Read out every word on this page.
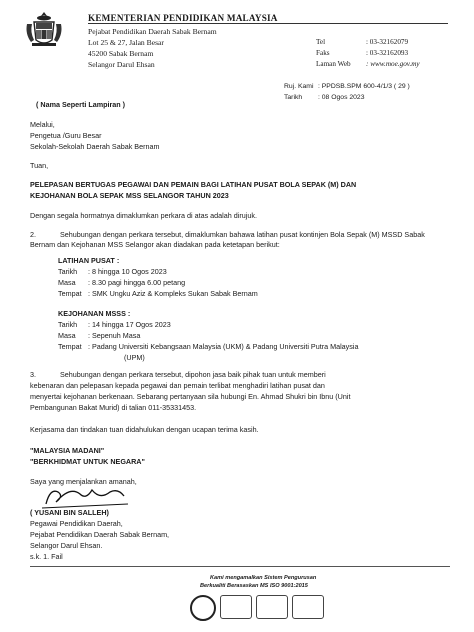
KEMENTERIAN PENDIDIKAN MALAYSIA
Pejabat Pendidikan Daerah Sabak Bernam
Lot 25 & 27, Jalan Besar
45200 Sabak Bernam
Selangor Darul Ehsan
Tel	: 03-32162079
Faks	: 03-32162093
Laman Web : www.moe.gov.my
Ruj. Kami : PPDSB.SPM 600-4/1/3 ( 29 )
Tarikh : 08 Ogos 2023
( Nama Seperti Lampiran )
Melalui,
Pengetua /Guru Besar
Sekolah-Sekolah Daerah Sabak Bernam
Tuan,
PELEPASAN BERTUGAS PEGAWAI DAN PEMAIN BAGI LATIHAN PUSAT BOLA SEPAK (M) DAN
KEJOHANAN BOLA SEPAK MSS SELANGOR TAHUN 2023
Dengan segala hormatnya dimaklumkan perkara di atas adalah dirujuk.
2.	Sehubungan dengan perkara tersebut, dimaklumkan bahawa latihan pusat kontinjen Bola Sepak (M) MSSD Sabak Bernam dan Kejohanan MSS Selangor akan diadakan pada ketetapan berikut:
LATIHAN PUSAT :
Tarikh : 8 hingga 10 Ogos 2023
Masa : 8.30 pagi hingga 6.00 petang
Tempat : SMK Ungku Aziz & Kompleks Sukan Sabak Bernam
KEJOHANAN MSSS :
Tarikh : 14 hingga 17 Ogos 2023
Masa : Sepenuh Masa
Tempat : Padang Universiti Kebangsaan Malaysia (UKM) & Padang Universiti Putra Malaysia
(UPM)
3.	Sehubungan dengan perkara tersebut, dipohon jasa baik pihak tuan untuk memberi
kebenaran dan pelepasan kepada pegawai dan pemain terlibat menghadiri latihan pusat dan
menyertai kejohanan berkenaan. Sebarang pertanyaan sila hubungi En. Ahmad Shukri bin Ibnu (Unit
Pembangunan Bakat Murid) di talian 011-35331453.
Kerjasama dan tindakan tuan didahulukan dengan ucapan terima kasih.
"MALAYSIA MADANI"
"BERKHIDMAT UNTUK NEGARA"
Saya yang menjalankan amanah,
( YUSANI BIN SALLEH)
Pegawai Pendidikan Daerah,
Pejabat Pendidikan Daerah Sabak Bernam,
Selangor Darul Ehsan.
s.k. 1. Fail
Kami mengamalkan Sistem Pengurusan
Berkualiti Berasaskan MS ISO 9001:2015
